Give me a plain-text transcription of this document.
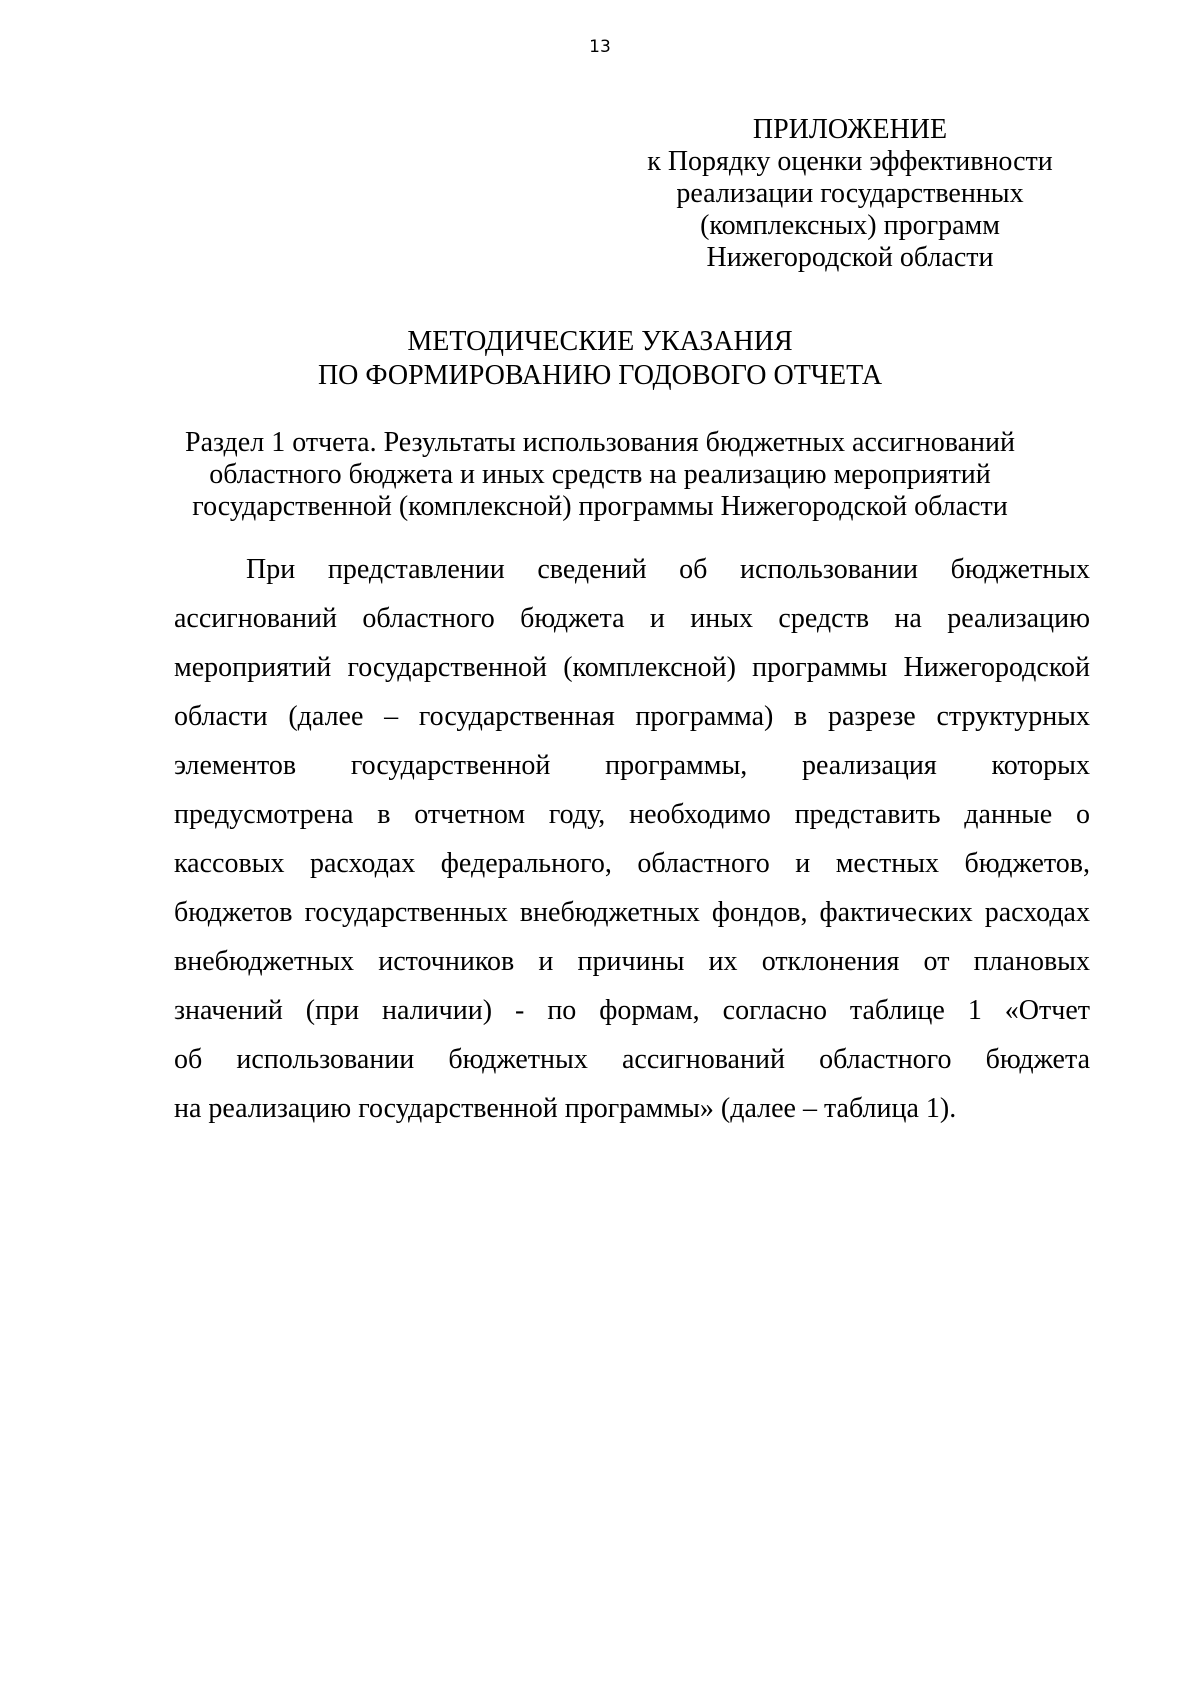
13
ПРИЛОЖЕНИЕ
к Порядку оценки эффективности
реализации государственных
(комплексных) программ
Нижегородской области
МЕТОДИЧЕСКИЕ УКАЗАНИЯ
ПО ФОРМИРОВАНИЮ ГОДОВОГО ОТЧЕТА
Раздел 1 отчета. Результаты использования бюджетных ассигнований
областного бюджета и иных средств на реализацию мероприятий
государственной (комплексной) программы Нижегородской области
При представлении сведений об использовании бюджетных
ассигнований областного бюджета и иных средств на реализацию
мероприятий государственной (комплексной) программы Нижегородской
области (далее – государственная программа) в разрезе структурных
элементов государственной программы, реализация которых
предусмотрена в отчетном году, необходимо представить данные о
кассовых расходах федерального, областного и местных бюджетов,
бюджетов государственных внебюджетных фондов, фактических расходах
внебюджетных источников и причины их отклонения от плановых
значений (при наличии) - по формам, согласно таблице 1 «Отчет
об использовании бюджетных ассигнований областного бюджета
на реализацию государственной программы» (далее – таблица 1).
